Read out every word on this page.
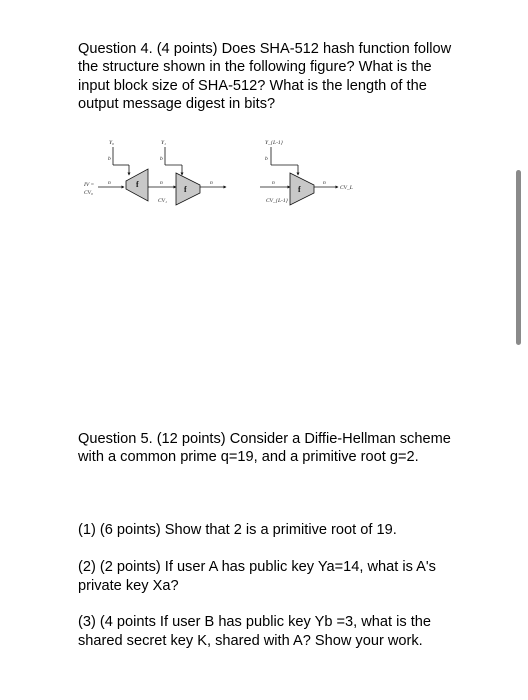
Question 4. (4 points) Does SHA-512 hash function follow the structure shown in the following figure? What is the input block size of SHA-512? What is the length of the output message digest in bits?
Y₀
b
f
IV =	n
CV₀
Y₁
b
n
CV₁
f
n
Y_{L-1}
b
n
CV_{L-1}
f
n
CV_L
Question 5. (12 points) Consider a Diffie-Hellman scheme with a common prime q=19, and a primitive root g=2.

(1) (6 points) Show that 2 is a primitive root of 19.

(2) (2 points) If user A has public key Ya=14, what is A's private key Xa?

(3) (4 points If user B has public key Yb =3, what is the shared secret key K, shared with A? Show your work.
